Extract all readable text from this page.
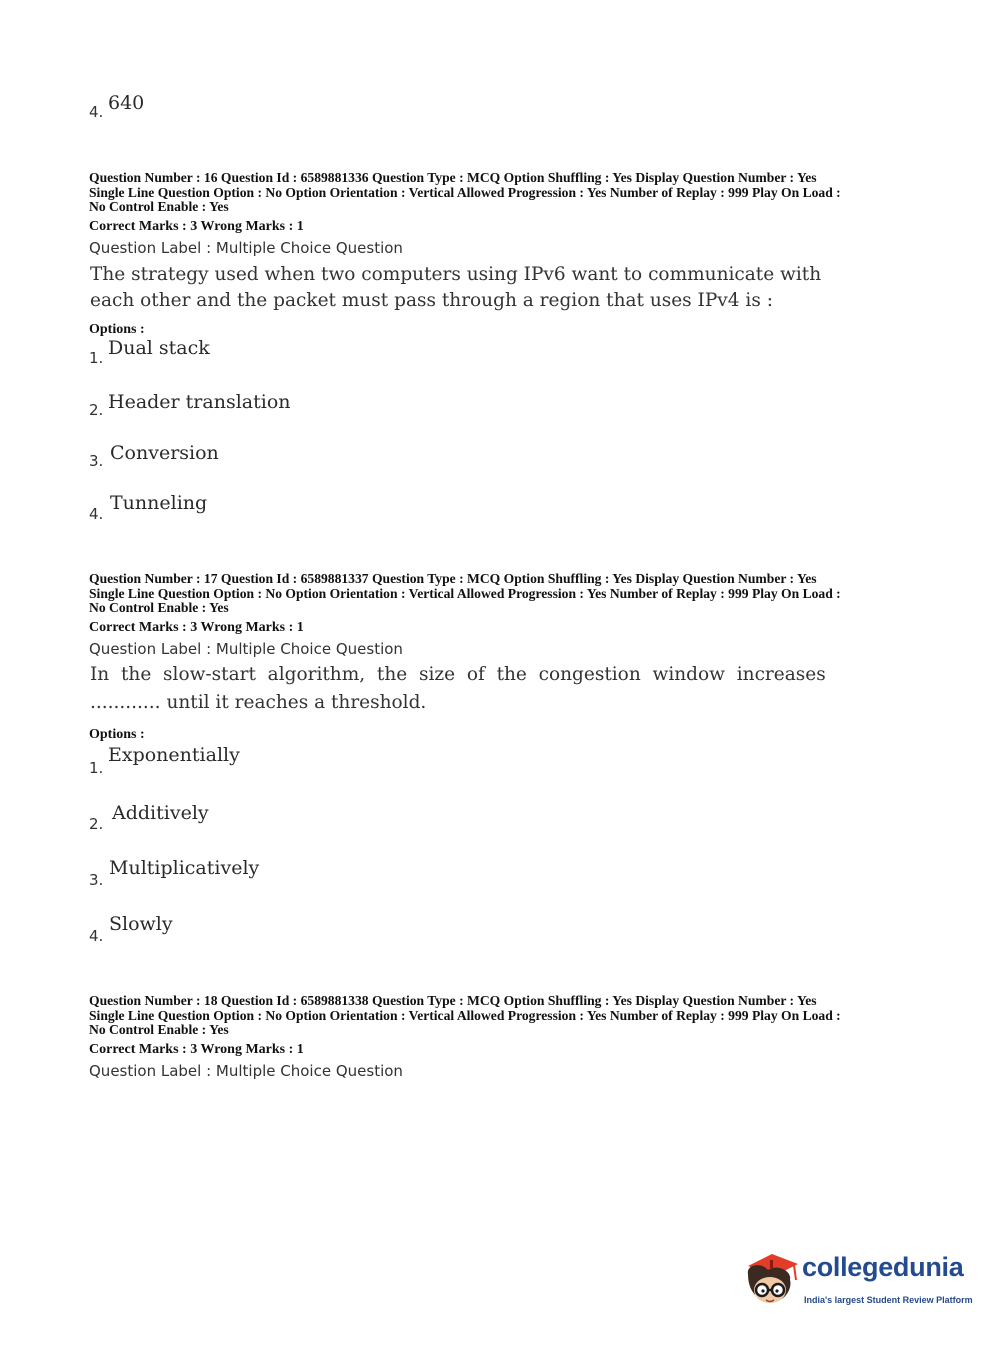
4. 640
Question Number : 16 Question Id : 6589881336 Question Type : MCQ Option Shuffling : Yes Display Question Number : Yes
Single Line Question Option : No Option Orientation : Vertical Allowed Progression : Yes Number of Replay : 999 Play On Load :
No Control Enable : Yes
Correct Marks : 3 Wrong Marks : 1
Question Label : Multiple Choice Question
The strategy used when two computers using IPv6 want to communicate with
each other and the packet must pass through a region that uses IPv4 is :
Options :
1. Dual stack
2. Header translation
3. Conversion
4. Tunneling
Question Number : 17 Question Id : 6589881337 Question Type : MCQ Option Shuffling : Yes Display Question Number : Yes
Single Line Question Option : No Option Orientation : Vertical Allowed Progression : Yes Number of Replay : 999 Play On Load :
No Control Enable : Yes
Correct Marks : 3 Wrong Marks : 1
Question Label : Multiple Choice Question
In  the  slow-start  algorithm,  the  size  of  the  congestion  window  increases
............ until it reaches a threshold.
Options :
1.
Exponentially
2. Additively
3.
Multiplicatively
4.
Slowly
Question Number : 18 Question Id : 6589881338 Question Type : MCQ Option Shuffling : Yes Display Question Number : Yes
Single Line Question Option : No Option Orientation : Vertical Allowed Progression : Yes Number of Replay : 999 Play On Load :
No Control Enable : Yes
Correct Marks : 3 Wrong Marks : 1
Question Label : Multiple Choice Question
collegedunia
India's largest Student Review Platform
